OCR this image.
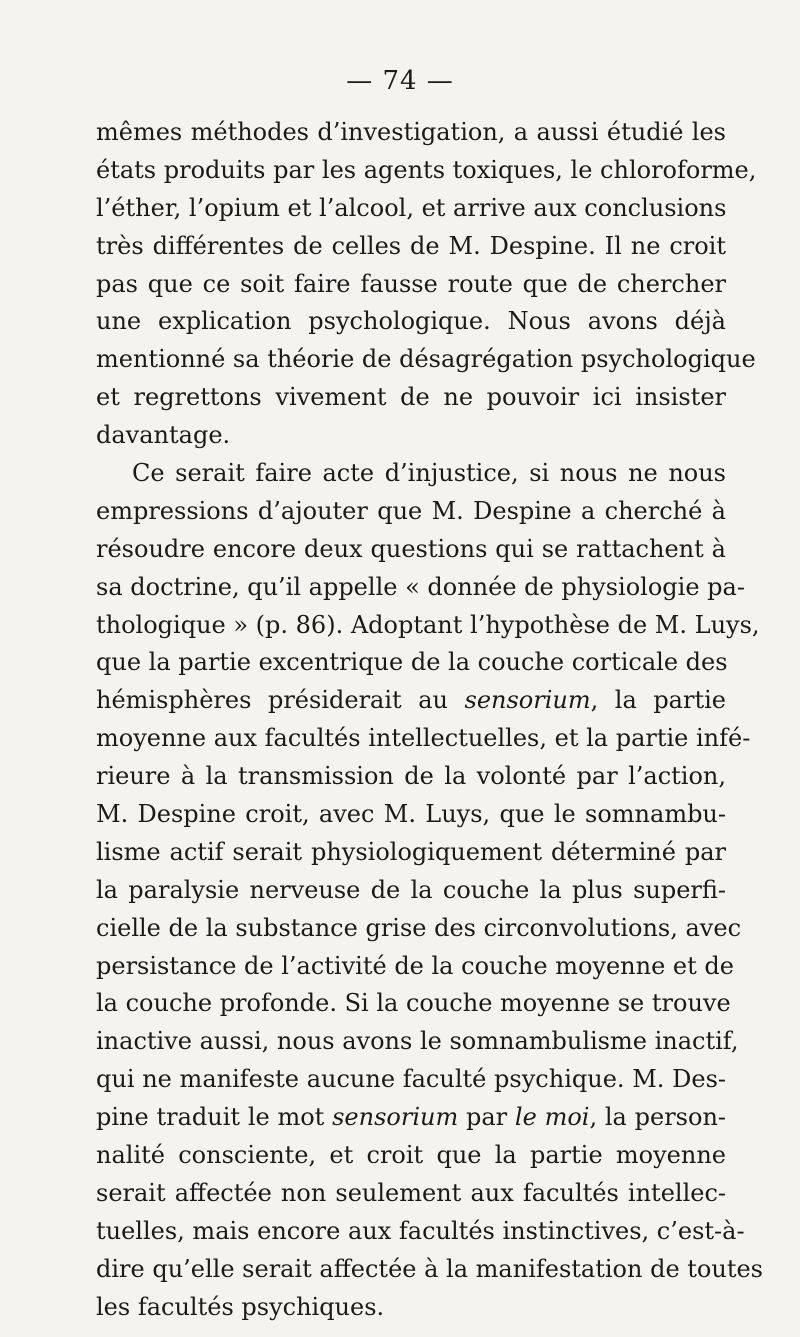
— 74 —
mêmes méthodes d’investigation, a aussi étudié les
états produits par les agents toxiques, le chloroforme,
l’éther, l’opium et l’alcool, et arrive aux conclusions
très différentes de celles de M. Despine. Il ne croit
pas que ce soit faire fausse route que de chercher
une explication psychologique. Nous avons déjà
mentionné sa théorie de désagrégation psychologique
et regrettons vivement de ne pouvoir ici insister
davantage.
Ce serait faire acte d’injustice, si nous ne nous
empressions d’ajouter que M. Despine a cherché à
résoudre encore deux questions qui se rattachent à
sa doctrine, qu’il appelle « donnée de physiologie pa-
thologique » (p. 86). Adoptant l’hypothèse de M. Luys,
que la partie excentrique de la couche corticale des
hémisphères présiderait au sensorium, la partie
moyenne aux facultés intellectuelles, et la partie infé-
rieure à la transmission de la volonté par l’action,
M. Despine croit, avec M. Luys, que le somnambu-
lisme actif serait physiologiquement déterminé par
la paralysie nerveuse de la couche la plus superfi-
cielle de la substance grise des circonvolutions, avec
persistance de l’activité de la couche moyenne et de
la couche profonde. Si la couche moyenne se trouve
inactive aussi, nous avons le somnambulisme inactif,
qui ne manifeste aucune faculté psychique. M. Des-
pine traduit le mot sensorium par le moi, la person-
nalité consciente, et croit que la partie moyenne
serait affectée non seulement aux facultés intellec-
tuelles, mais encore aux facultés instinctives, c’est-à-
dire qu’elle serait affectée à la manifestation de toutes
les facultés psychiques.
